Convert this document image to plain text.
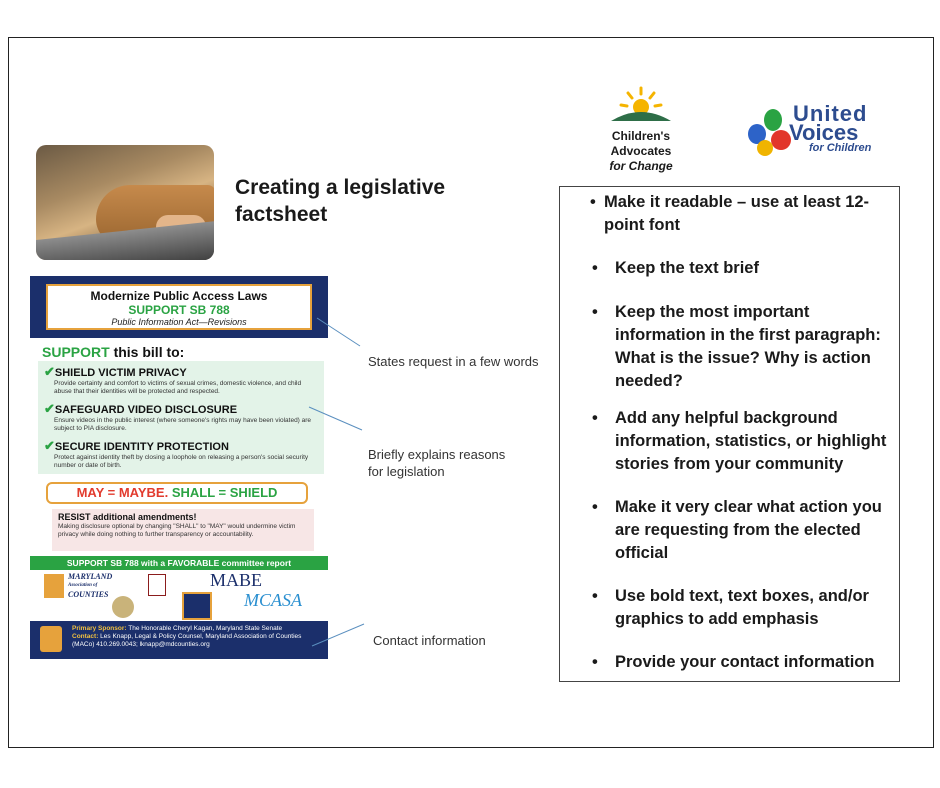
Creating a legislative factsheet
Children's Advocates
for Change
United
Voices
for Children
Modernize Public Access Laws
SUPPORT SB 788
Public Information Act—Revisions
SUPPORT this bill to:
✔SHIELD VICTIM PRIVACY
Provide certainty and comfort to victims of sexual crimes, domestic violence, and child abuse that their identities will be protected and respected.
✔SAFEGUARD VIDEO DISCLOSURE
Ensure videos in the public interest (where someone's rights may have been violated) are subject to PIA disclosure.
✔SECURE IDENTITY PROTECTION
Protect against identity theft by closing a loophole on releasing a person's social security number or date of birth.
MAY = MAYBE. SHALL = SHIELD
RESIST additional amendments!
Making disclosure optional by changing "SHALL" to "MAY" would undermine victim privacy while doing nothing to further transparency or accountability.
SUPPORT SB 788 with a FAVORABLE committee report
MARYLAND
Association of
COUNTIES
MABE
MCASA
Primary Sponsor: The Honorable Cheryl Kagan, Maryland State Senate
Contact: Les Knapp, Legal & Policy Counsel, Maryland Association of Counties (MACo) 410.269.0043; lknapp@mdcounties.org
States request in a few words
Briefly explains reasons
for legislation
Contact information
• Make it readable – use at least 12-point font
• Keep the text brief
• Keep the most important information in the first paragraph: What is the issue? Why is action needed?
• Add any helpful background information, statistics, or highlight stories from your community
• Make it very clear what action you are requesting from the elected official
• Use bold text, text boxes, and/or graphics to add emphasis
• Provide your contact information
